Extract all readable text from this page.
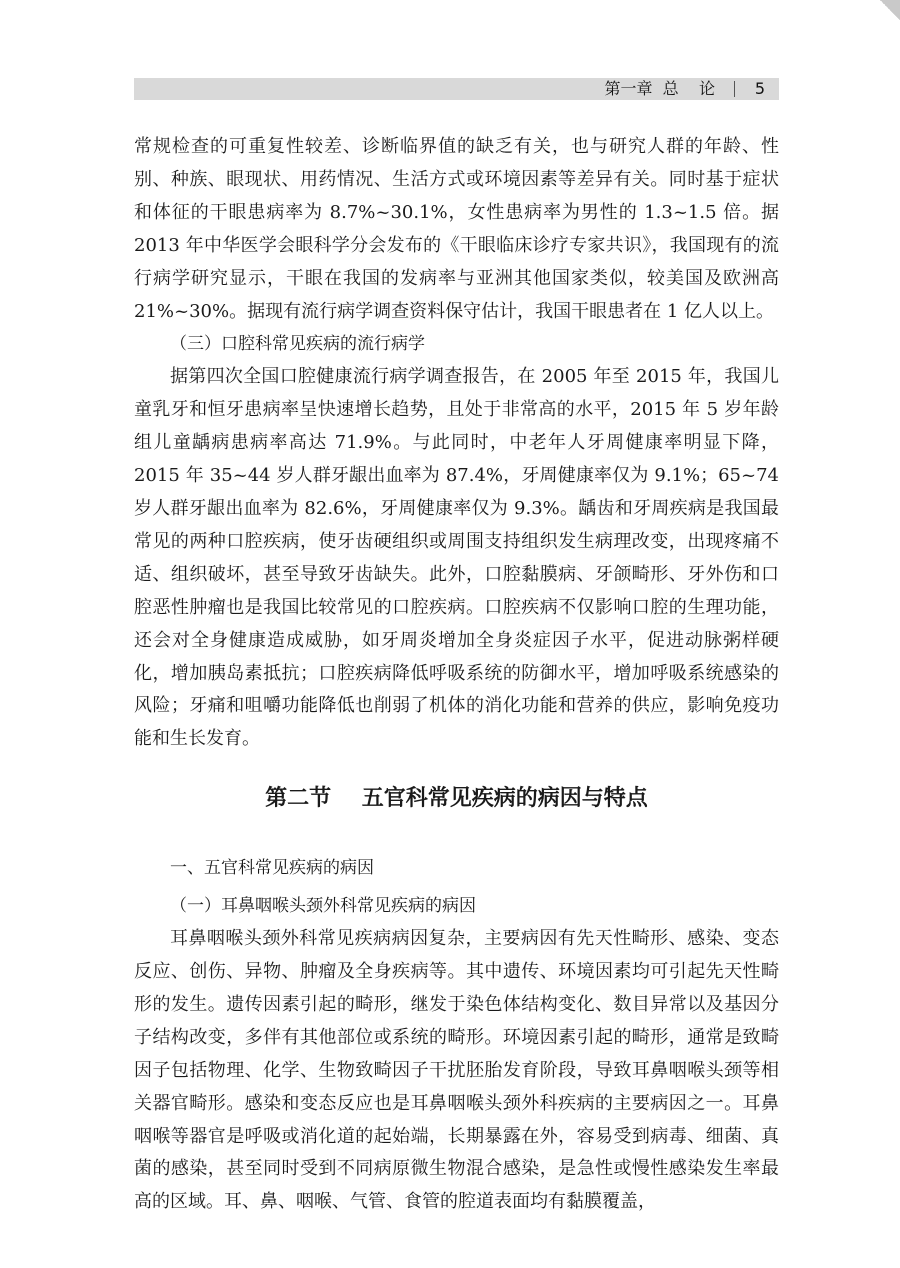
第一章  总    论 5

常规检查的可重复性较差、诊断临界值的缺乏有关，也与研究人群的年龄、性别、种族、眼现状、用药情况、生活方式或环境因素等差异有关。同时基于症状和体征的干眼患病率为 8.7%~30.1%，女性患病率为男性的 1.3~1.5 倍。据 2013 年中华医学会眼科学分会发布的《干眼临床诊疗专家共识》，我国现有的流行病学研究显示，干眼在我国的发病率与亚洲其他国家类似，较美国及欧洲高 21%~30%。据现有流行病学调查资料保守估计，我国干眼患者在 1 亿人以上。

（三）口腔科常见疾病的流行病学

据第四次全国口腔健康流行病学调查报告，在 2005 年至 2015 年，我国儿童乳牙和恒牙患病率呈快速增长趋势，且处于非常高的水平，2015 年 5 岁年龄组儿童龋病患病率高达 71.9%。与此同时，中老年人牙周健康率明显下降，2015 年 35~44 岁人群牙龈出血率为 87.4%，牙周健康率仅为 9.1%；65~74 岁人群牙龈出血率为 82.6%，牙周健康率仅为 9.3%。龋齿和牙周疾病是我国最常见的两种口腔疾病，使牙齿硬组织或周围支持组织发生病理改变，出现疼痛不适、组织破坏，甚至导致牙齿缺失。此外，口腔黏膜病、牙颌畸形、牙外伤和口腔恶性肿瘤也是我国比较常见的口腔疾病。口腔疾病不仅影响口腔的生理功能，还会对全身健康造成威胁，如牙周炎增加全身炎症因子水平，促进动脉粥样硬化，增加胰岛素抵抗；口腔疾病降低呼吸系统的防御水平，增加呼吸系统感染的风险；牙痛和咀嚼功能降低也削弱了机体的消化功能和营养的供应，影响免疫功能和生长发育。

第二节    五官科常见疾病的病因与特点

一、五官科常见疾病的病因

（一）耳鼻咽喉头颈外科常见疾病的病因

耳鼻咽喉头颈外科常见疾病病因复杂，主要病因有先天性畸形、感染、变态反应、创伤、异物、肿瘤及全身疾病等。其中遗传、环境因素均可引起先天性畸形的发生。遗传因素引起的畸形，继发于染色体结构变化、数目异常以及基因分子结构改变，多伴有其他部位或系统的畸形。环境因素引起的畸形，通常是致畸因子包括物理、化学、生物致畸因子干扰胚胎发育阶段，导致耳鼻咽喉头颈等相关器官畸形。感染和变态反应也是耳鼻咽喉头颈外科疾病的主要病因之一。耳鼻咽喉等器官是呼吸或消化道的起始端，长期暴露在外，容易受到病毒、细菌、真菌的感染，甚至同时受到不同病原微生物混合感染，是急性或慢性感染发生率最高的区域。耳、鼻、咽喉、气管、食管的腔道表面均有黏膜覆盖，
